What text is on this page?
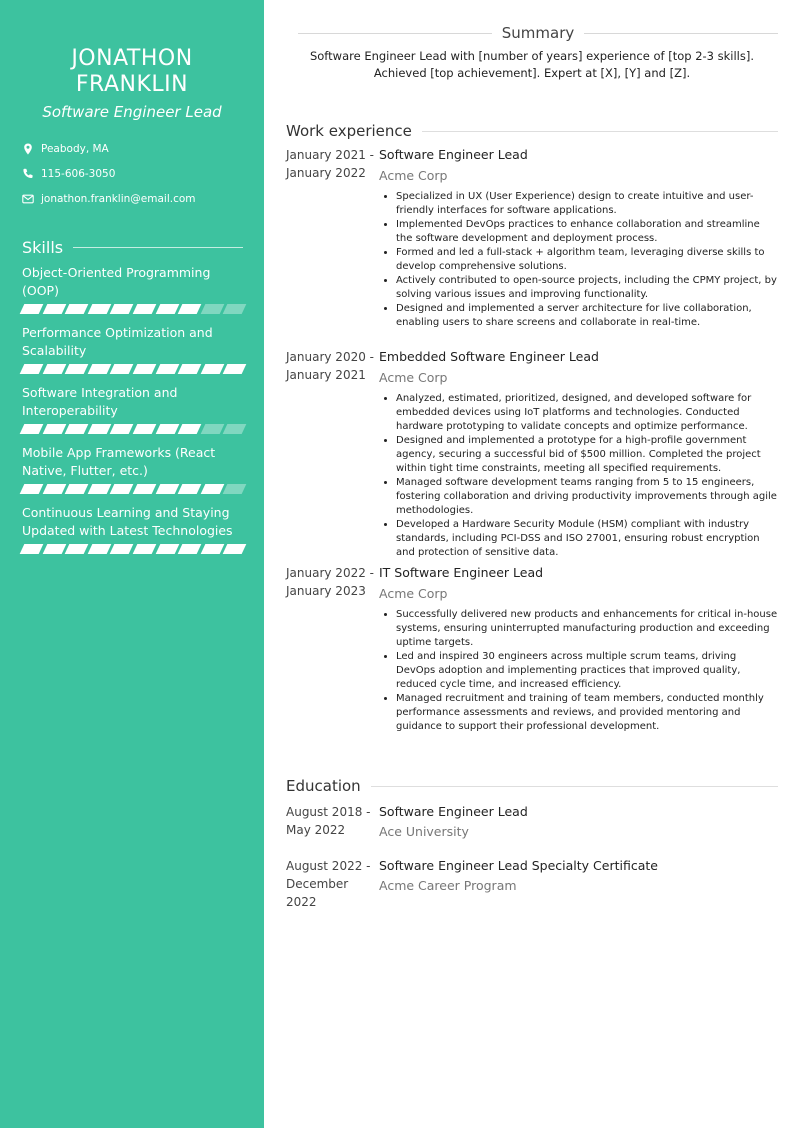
JONATHON
FRANKLIN
Software Engineer Lead
Peabody, MA
115-606-3050
jonathon.franklin@email.com
Skills
Object-Oriented Programming (OOP)
Performance Optimization and Scalability
Software Integration and Interoperability
Mobile App Frameworks (React Native, Flutter, etc.)
Continuous Learning and Staying Updated with Latest Technologies
Summary

Software Engineer Lead with [number of years] experience of [top 2-3 skills]. Achieved [top achievement]. Expert at [X], [Y] and [Z].

Work experience
January 2021 -
January 2022
Software Engineer Lead
Acme Corp
• Specialized in UX (User Experience) design to create intuitive and user-friendly interfaces for software applications.
• Implemented DevOps practices to enhance collaboration and streamline the software development and deployment process.
• Formed and led a full-stack + algorithm team, leveraging diverse skills to develop comprehensive solutions.
• Actively contributed to open-source projects, including the CPMY project, by solving various issues and improving functionality.
• Designed and implemented a server architecture for live collaboration, enabling users to share screens and collaborate in real-time.
January 2020 -
January 2021
Embedded Software Engineer Lead
Acme Corp
• Analyzed, estimated, prioritized, designed, and developed software for embedded devices using IoT platforms and technologies. Conducted hardware prototyping to validate concepts and optimize performance.
• Designed and implemented a prototype for a high-profile government agency, securing a successful bid of $500 million. Completed the project within tight time constraints, meeting all specified requirements.
• Managed software development teams ranging from 5 to 15 engineers, fostering collaboration and driving productivity improvements through agile methodologies.
• Developed a Hardware Security Module (HSM) compliant with industry standards, including PCI-DSS and ISO 27001, ensuring robust encryption and protection of sensitive data.
January 2022 -
January 2023
IT Software Engineer Lead
Acme Corp
• Successfully delivered new products and enhancements for critical in-house systems, ensuring uninterrupted manufacturing production and exceeding uptime targets.
• Led and inspired 30 engineers across multiple scrum teams, driving DevOps adoption and implementing practices that improved quality, reduced cycle time, and increased efficiency.
• Managed recruitment and training of team members, conducted monthly performance assessments and reviews, and provided mentoring and guidance to support their professional development.
Education
August 2018 -
May 2022
Software Engineer Lead
Ace University
August 2022 -
December 2022
Software Engineer Lead Specialty Certificate
Acme Career Program
